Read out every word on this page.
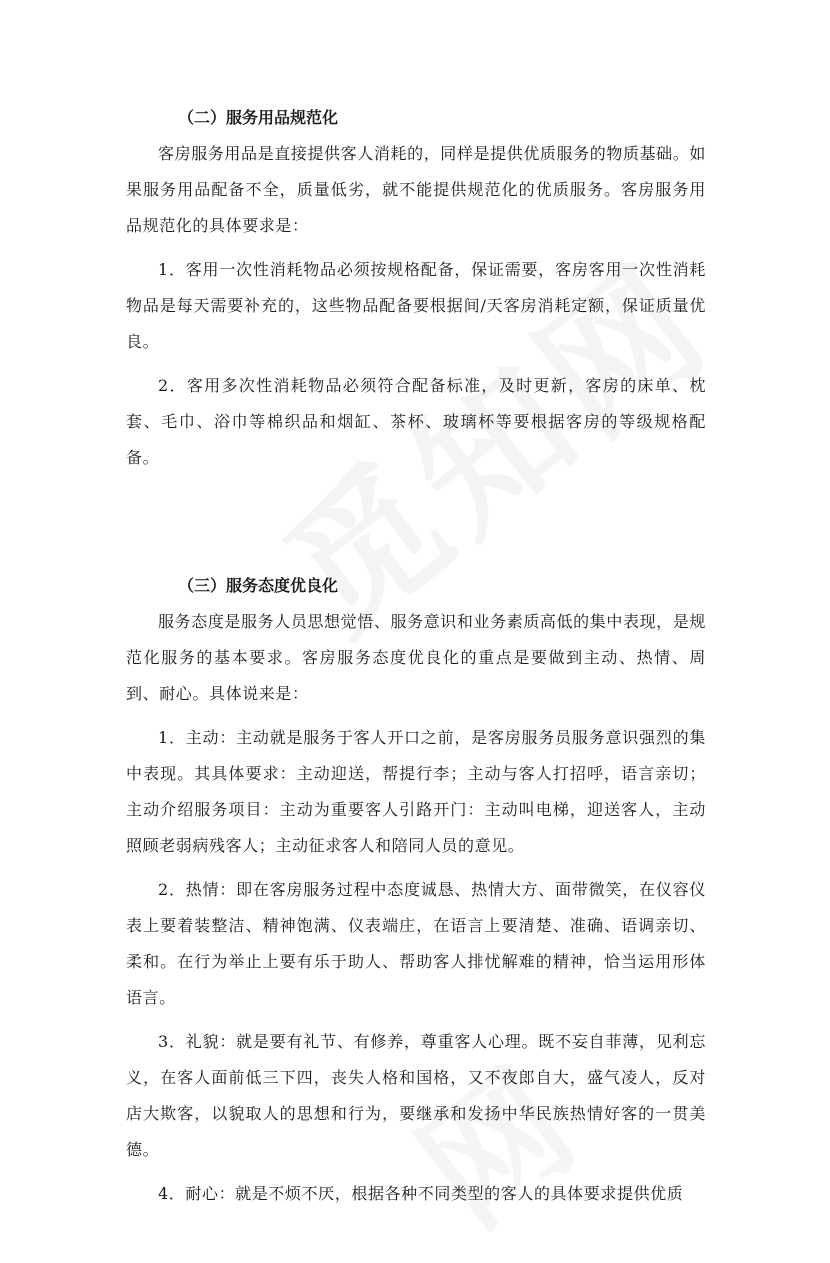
（二）服务用品规范化

客房服务用品是直接提供客人消耗的，同样是提供优质服务的物质基础。如果服务用品配备不全，质量低劣，就不能提供规范化的优质服务。客房服务用品规范化的具体要求是：

1．客用一次性消耗物品必须按规格配备，保证需要，客房客用一次性消耗物品是每天需要补充的，这些物品配备要根据间/天客房消耗定额，保证质量优良。

2．客用多次性消耗物品必须符合配备标准，及时更新，客房的床单、枕套、毛巾、浴巾等棉织品和烟缸、茶杯、玻璃杯等要根据客房的等级规格配备。

（三）服务态度优良化

服务态度是服务人员思想觉悟、服务意识和业务素质高低的集中表现，是规范化服务的基本要求。客房服务态度优良化的重点是要做到主动、热情、周到、耐心。具体说来是：

1．主动：主动就是服务于客人开口之前，是客房服务员服务意识强烈的集中表现。其具体要求：主动迎送，帮提行李；主动与客人打招呼，语言亲切；主动介绍服务项目：主动为重要客人引路开门：主动叫电梯，迎送客人，主动照顾老弱病残客人；主动征求客人和陪同人员的意见。

2．热情：即在客房服务过程中态度诚恳、热情大方、面带微笑，在仪容仪表上要着装整洁、精神饱满、仪表端庄，在语言上要清楚、准确、语调亲切、柔和。在行为举止上要有乐于助人、帮助客人排忧解难的精神，恰当运用形体语言。

3．礼貌：就是要有礼节、有修养，尊重客人心理。既不妄自菲薄，见利忘义，在客人面前低三下四，丧失人格和国格，又不夜郎自大，盛气凌人，反对店大欺客，以貌取人的思想和行为，要继承和发扬中华民族热情好客的一贯美德。

4．耐心：就是不烦不厌，根据各种不同类型的客人的具体要求提供优质
